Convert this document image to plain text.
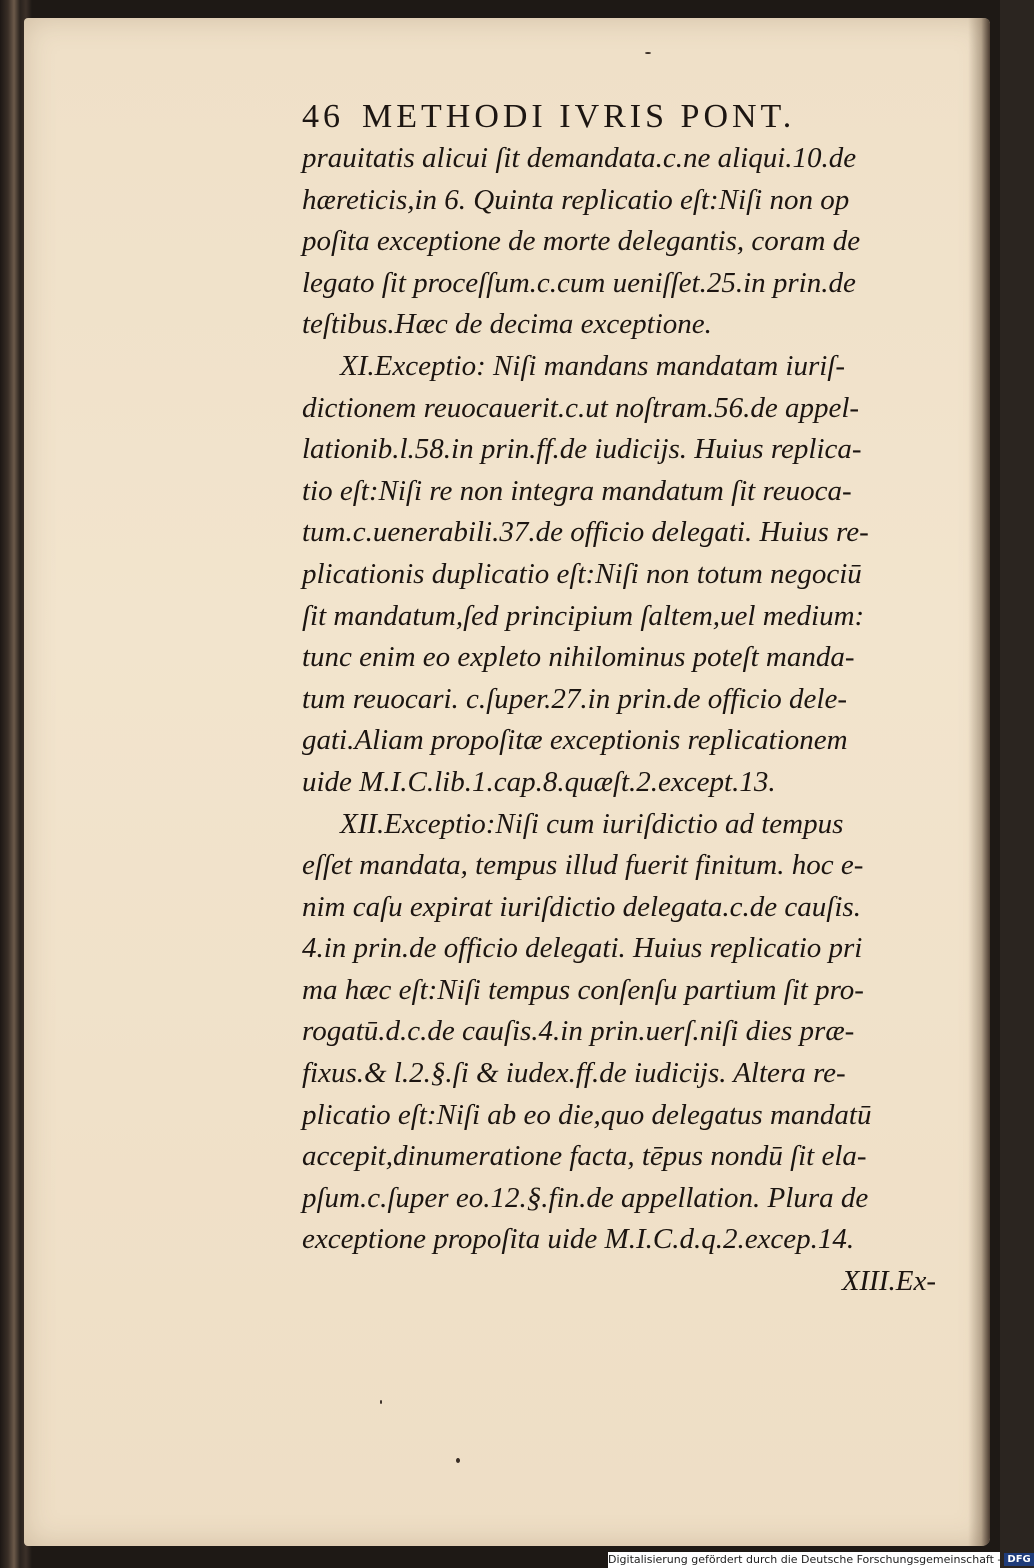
46 METHODI IVRIS PONT.
prauitatis alicui ſit demandata.c.ne aliqui.10.de
hæreticis,in 6. Quinta replicatio eſt:Niſi non op
poſita exceptione de morte delegantis, coram de
legato ſit proceſſum.c.cum ueniſſet.25.in prin.de
teſtibus.Hæc de decima exceptione.
XI.Exceptio: Niſi mandans mandatam iuriſ-
dictionem reuocauerit.c.ut noſtram.56.de appel-
lationib.l.58.in prin.ff.de iudiciјs. Huius replica-
tio eſt:Niſi re non integra mandatum ſit reuoca-
tum.c.uenerabili.37.de officio delegati. Huius re-
plicationis duplicatio eſt:Niſi non totum negociū
ſit mandatum,ſed principium ſaltem,uel medium:
tunc enim eo expleto nihilominus poteſt manda-
tum reuocari. c.ſuper.27.in prin.de officio dele-
gati.Aliam propoſitæ exceptionis replicationem
uide M.I.C.lib.1.cap.8.quæſt.2.except.13.
XII.Exceptio:Niſi cum iuriſdictio ad tempus
eſſet mandata, tempus illud fuerit finitum. hoc e-
nim caſu expirat iuriſdictio delegata.c.de cauſis.
4.in prin.de officio delegati. Huius replicatio pri
ma hæc eſt:Niſi tempus conſenſu partium ſit pro-
rogatū.d.c.de cauſis.4.in prin.uerſ.niſi dies præ-
fixus.& l.2.§.ſi & iudex.ff.de iudiciјs. Altera re-
plicatio eſt:Niſi ab eo die,quo delegatus mandatū
accepit,dinumeratione facta, tēpus nondū ſit ela-
pſum.c.ſuper eo.12.§.fin.de appellation. Plura de
exceptione propoſita uide M.I.C.d.q.2.excep.14.
XIII.Ex-
Digitalisierung gefördert durch die Deutsche Forschungsgemeinschaft - DFG
